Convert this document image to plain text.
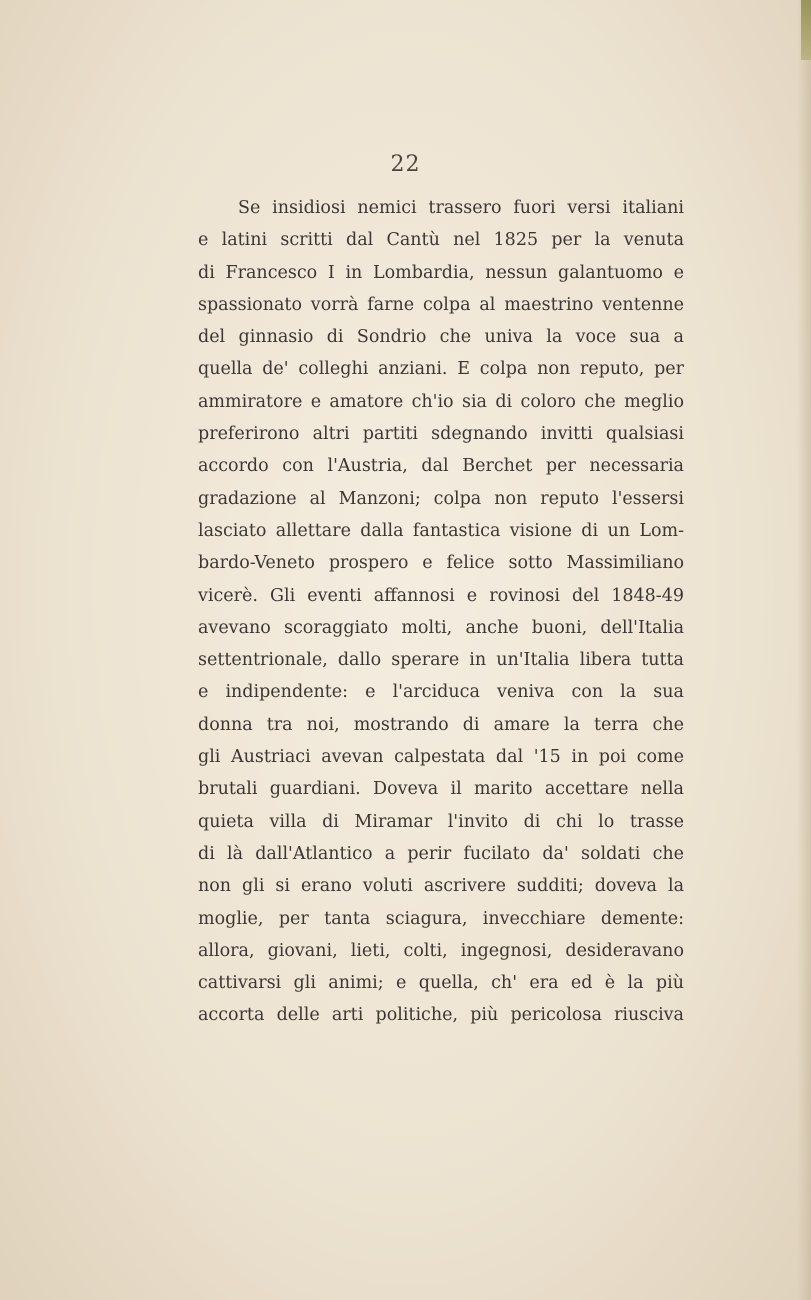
22
Se insidiosi nemici trassero fuori versi italiani
e latini scritti dal Cantù nel 1825 per la venuta
di Francesco I in Lombardia, nessun galantuomo e
spassionato vorrà farne colpa al maestrino ventenne
del ginnasio di Sondrio che univa la voce sua a
quella de' colleghi anziani. E colpa non reputo, per
ammiratore e amatore ch'io sia di coloro che meglio
preferirono altri partiti sdegnando invitti qualsiasi
accordo con l'Austria, dal Berchet per necessaria
gradazione al Manzoni; colpa non reputo l'essersi
lasciato allettare dalla fantastica visione di un Lom-
bardo-Veneto prospero e felice sotto Massimiliano
vicerè. Gli eventi affannosi e rovinosi del 1848-49
avevano scoraggiato molti, anche buoni, dell'Italia
settentrionale, dallo sperare in un'Italia libera tutta
e indipendente: e l'arciduca veniva con la sua
donna tra noi, mostrando di amare la terra che
gli Austriaci avevan calpestata dal '15 in poi come
brutali guardiani. Doveva il marito accettare nella
quieta villa di Miramar l'invito di chi lo trasse
di là dall'Atlantico a perir fucilato da' soldati che
non gli si erano voluti ascrivere sudditi; doveva la
moglie, per tanta sciagura, invecchiare demente:
allora, giovani, lieti, colti, ingegnosi, desideravano
cattivarsi gli animi; e quella, ch' era ed è la più
accorta delle arti politiche, più pericolosa riusciva
